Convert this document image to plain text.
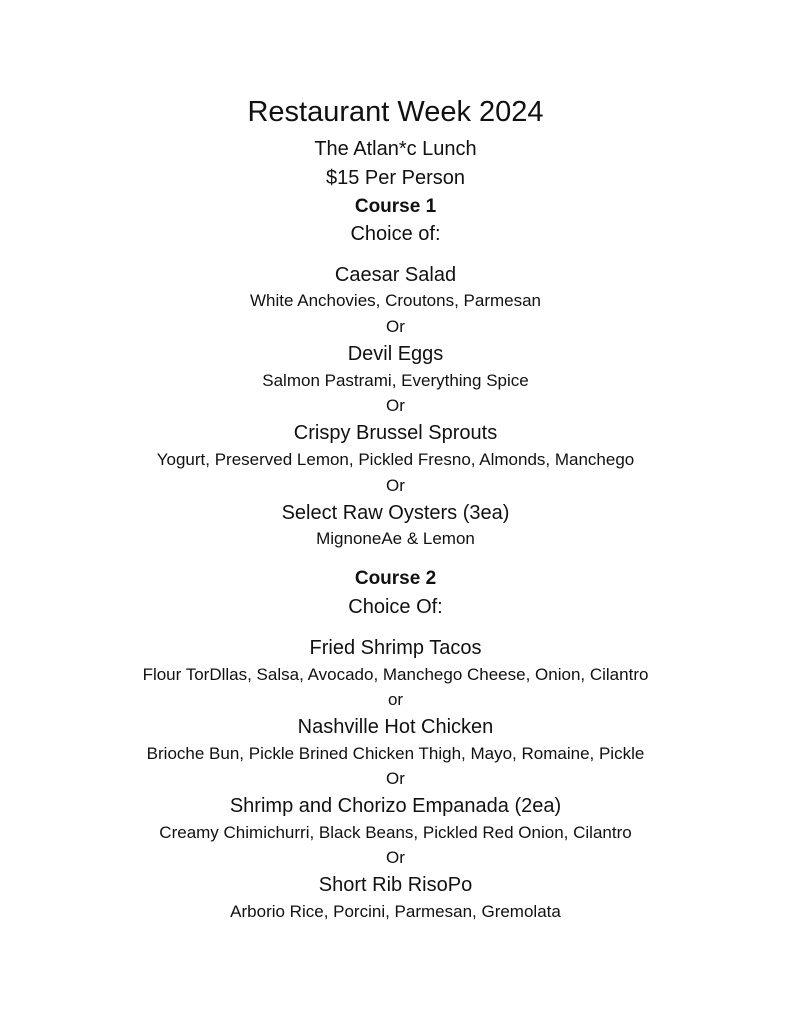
Restaurant Week 2024
The Atlan*c Lunch
$15 Per Person
Course 1
Choice of:
Caesar Salad
White Anchovies, Croutons, Parmesan
Or
Devil Eggs
Salmon Pastrami, Everything Spice
Or
Crispy Brussel Sprouts
Yogurt, Preserved Lemon, Pickled Fresno, Almonds, Manchego
Or
Select Raw Oysters (3ea)
MignoneAe & Lemon
Course 2
Choice Of:
Fried Shrimp Tacos
Flour TorDllas, Salsa, Avocado, Manchego Cheese, Onion, Cilantro
or
Nashville Hot Chicken
Brioche Bun, Pickle Brined Chicken Thigh, Mayo, Romaine, Pickle
Or
Shrimp and Chorizo Empanada (2ea)
Creamy Chimichurri, Black Beans, Pickled Red Onion, Cilantro
Or
Short Rib RisoPo
Arborio Rice, Porcini, Parmesan, Gremolata
